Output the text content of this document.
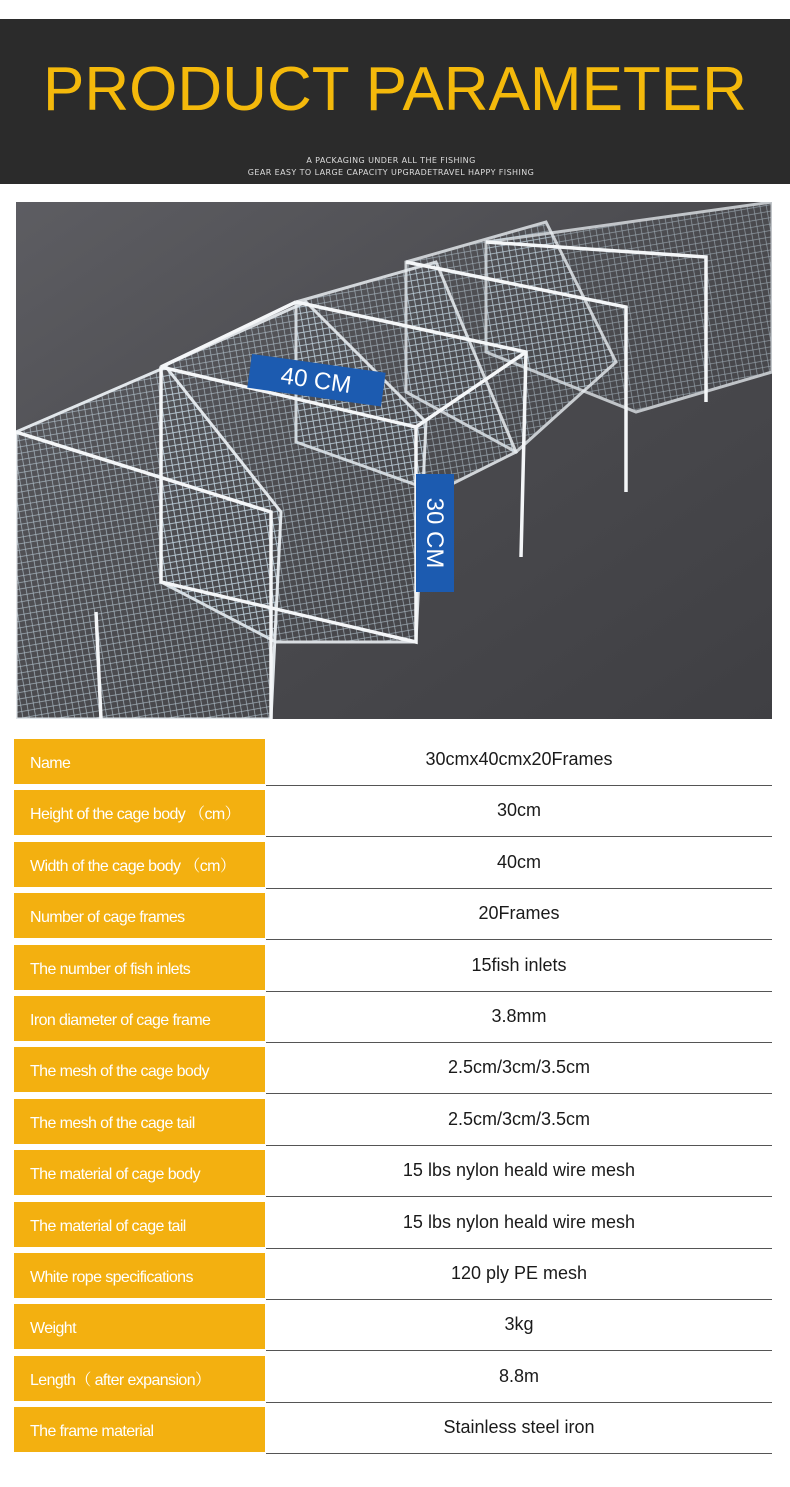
PRODUCT PARAMETER
A PACKAGING UNDER ALL THE FISHING
GEAR EASY TO LARGE CAPACITY UPGRADETRAVEL HAPPY FISHING
40 CM
30 CM
Name	30cmx40cmx20Frames
Height of the cage body （cm）	30cm
Width of the cage body （cm）	40cm
Number of cage frames	20Frames
The number of fish inlets	15fish inlets
Iron diameter of cage frame	3.8mm
The mesh of the cage body	2.5cm/3cm/3.5cm
The mesh of the cage tail	2.5cm/3cm/3.5cm
The material of cage body	15 lbs nylon heald wire mesh
The material of cage tail	15 lbs nylon heald wire mesh
White rope specifications	120 ply PE mesh
Weight	3kg
Length（ after expansion）	8.8m
The frame material	Stainless steel iron
